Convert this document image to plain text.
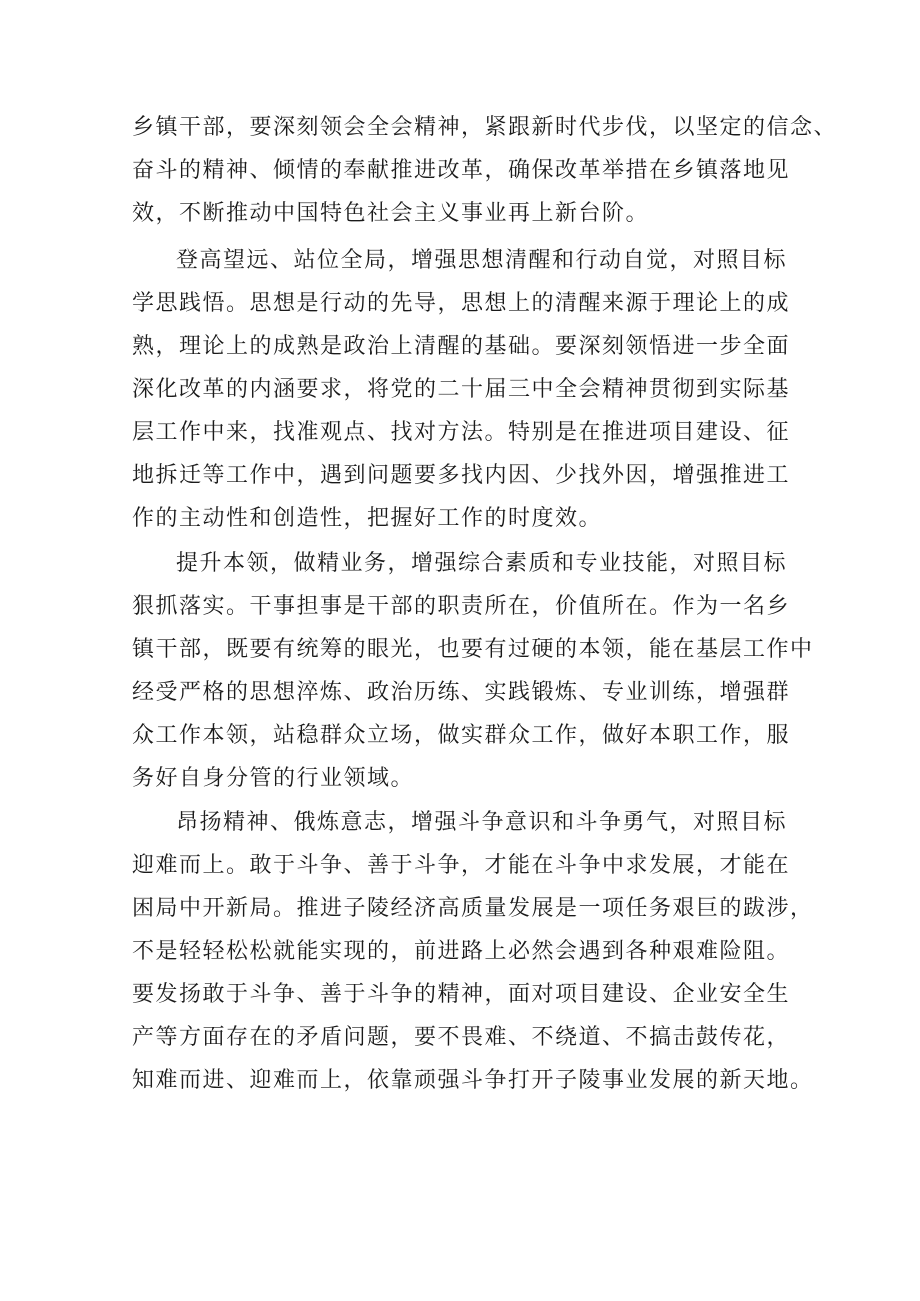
乡镇干部，要深刻领会全会精神，紧跟新时代步伐，以坚定的信念、
奋斗的精神、倾情的奉献推进改革，确保改革举措在乡镇落地见
效，不断推动中国特色社会主义事业再上新台阶。
登高望远、站位全局，增强思想清醒和行动自觉，对照目标
学思践悟。思想是行动的先导，思想上的清醒来源于理论上的成
熟，理论上的成熟是政治上清醒的基础。要深刻领悟进一步全面
深化改革的内涵要求，将党的二十届三中全会精神贯彻到实际基
层工作中来，找准观点、找对方法。特别是在推进项目建设、征
地拆迁等工作中，遇到问题要多找内因、少找外因，增强推进工
作的主动性和创造性，把握好工作的时度效。
提升本领，做精业务，增强综合素质和专业技能，对照目标
狠抓落实。干事担事是干部的职责所在，价值所在。作为一名乡
镇干部，既要有统筹的眼光，也要有过硬的本领，能在基层工作中
经受严格的思想淬炼、政治历练、实践锻炼、专业训练，增强群
众工作本领，站稳群众立场，做实群众工作，做好本职工作，服
务好自身分管的行业领域。
昂扬精神、俄炼意志，增强斗争意识和斗争勇气，对照目标
迎难而上。敢于斗争、善于斗争，才能在斗争中求发展，才能在
困局中开新局。推进子陵经济高质量发展是一项任务艰巨的跋涉，
不是轻轻松松就能实现的，前进路上必然会遇到各种艰难险阻。
要发扬敢于斗争、善于斗争的精神，面对项目建设、企业安全生
产等方面存在的矛盾问题，要不畏难、不绕道、不搞击鼓传花，
知难而进、迎难而上，依靠顽强斗争打开子陵事业发展的新天地。
